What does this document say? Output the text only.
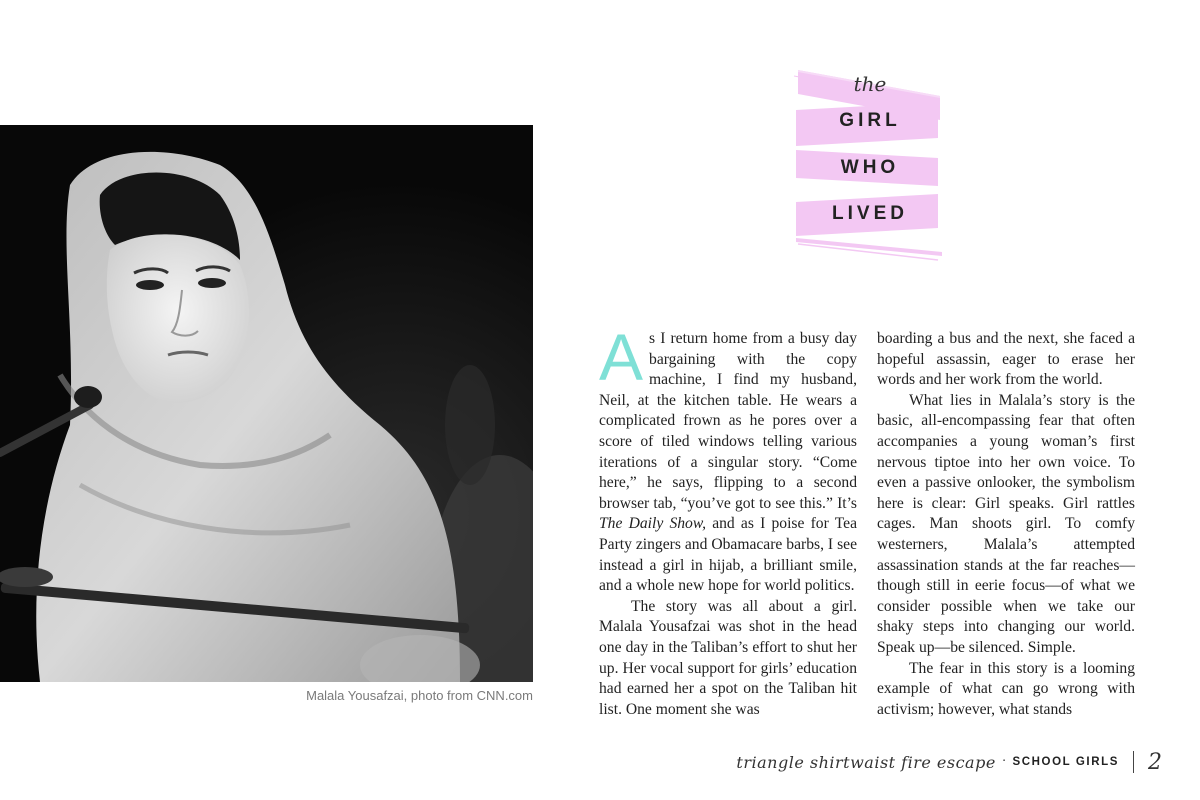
Malala Yousafzai, photo from CNN.com
the
GIRL
WHO
LIVED

As I return home from a busy day bargaining with the copy machine, I find my husband, Neil, at the kitchen table. He wears a complicated frown as he pores over a score of tiled windows telling various iterations of a singular story. “Come here,” he says, flipping to a second browser tab, “you’ve got to see this.” It’s The Daily Show, and as I poise for Tea Party zingers and Obamacare barbs, I see instead a girl in hijab, a brilliant smile, and a whole new hope for world politics.

The story was all about a girl. Malala Yousafzai was shot in the head one day in the Taliban’s effort to shut her up. Her vocal support for girls’ education had earned her a spot on the Taliban hit list. One moment she was

boarding a bus and the next, she faced a hopeful assassin, eager to erase her words and her work from the world.

What lies in Malala’s story is the basic, all-encompassing fear that often accompanies a young woman’s first nervous tiptoe into her own voice. To even a passive onlooker, the symbolism here is clear: Girl speaks. Girl rattles cages. Man shoots girl. To comfy westerners, Malala’s attempted assassination stands at the far reaches—though still in eerie focus—of what we consider possible when we take our shaky steps into changing our world. Speak up—be silenced. Simple.

The fear in this story is a looming example of what can go wrong with activism; however, what stands

triangle shirtwaist fire escape · SCHOOL GIRLS 2
